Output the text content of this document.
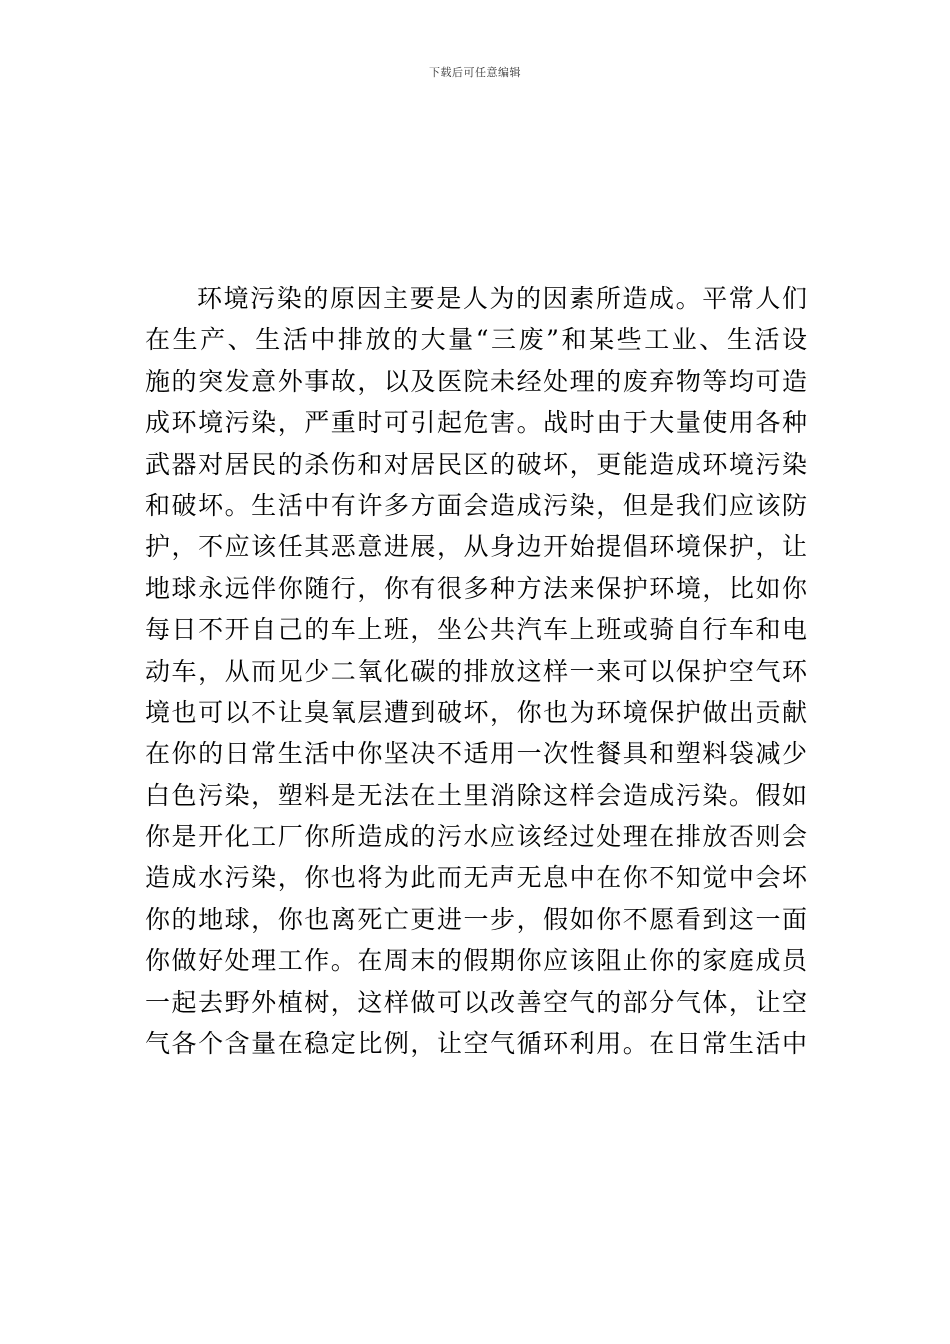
下载后可任意编辑
环境污染的原因主要是人为的因素所造成。平常人们
在生产、生活中排放的大量“三废”和某些工业、生活设
施的突发意外事故，以及医院未经处理的废弃物等均可造
成环境污染，严重时可引起危害。战时由于大量使用各种
武器对居民的杀伤和对居民区的破坏，更能造成环境污染
和破坏。生活中有许多方面会造成污染，但是我们应该防
护，不应该任其恶意进展，从身边开始提倡环境保护，让
地球永远伴你随行，你有很多种方法来保护环境，比如你
每日不开自己的车上班，坐公共汽车上班或骑自行车和电
动车，从而见少二氧化碳的排放这样一来可以保护空气环
境也可以不让臭氧层遭到破坏，你也为环境保护做出贡献
在你的日常生活中你坚决不适用一次性餐具和塑料袋减少
白色污染，塑料是无法在土里消除这样会造成污染。假如
你是开化工厂你所造成的污水应该经过处理在排放否则会
造成水污染，你也将为此而无声无息中在你不知觉中会坏
你的地球，你也离死亡更进一步，假如你不愿看到这一面
你做好处理工作。在周末的假期你应该阻止你的家庭成员
一起去野外植树，这样做可以改善空气的部分气体，让空
气各个含量在稳定比例，让空气循环利用。在日常生活中
